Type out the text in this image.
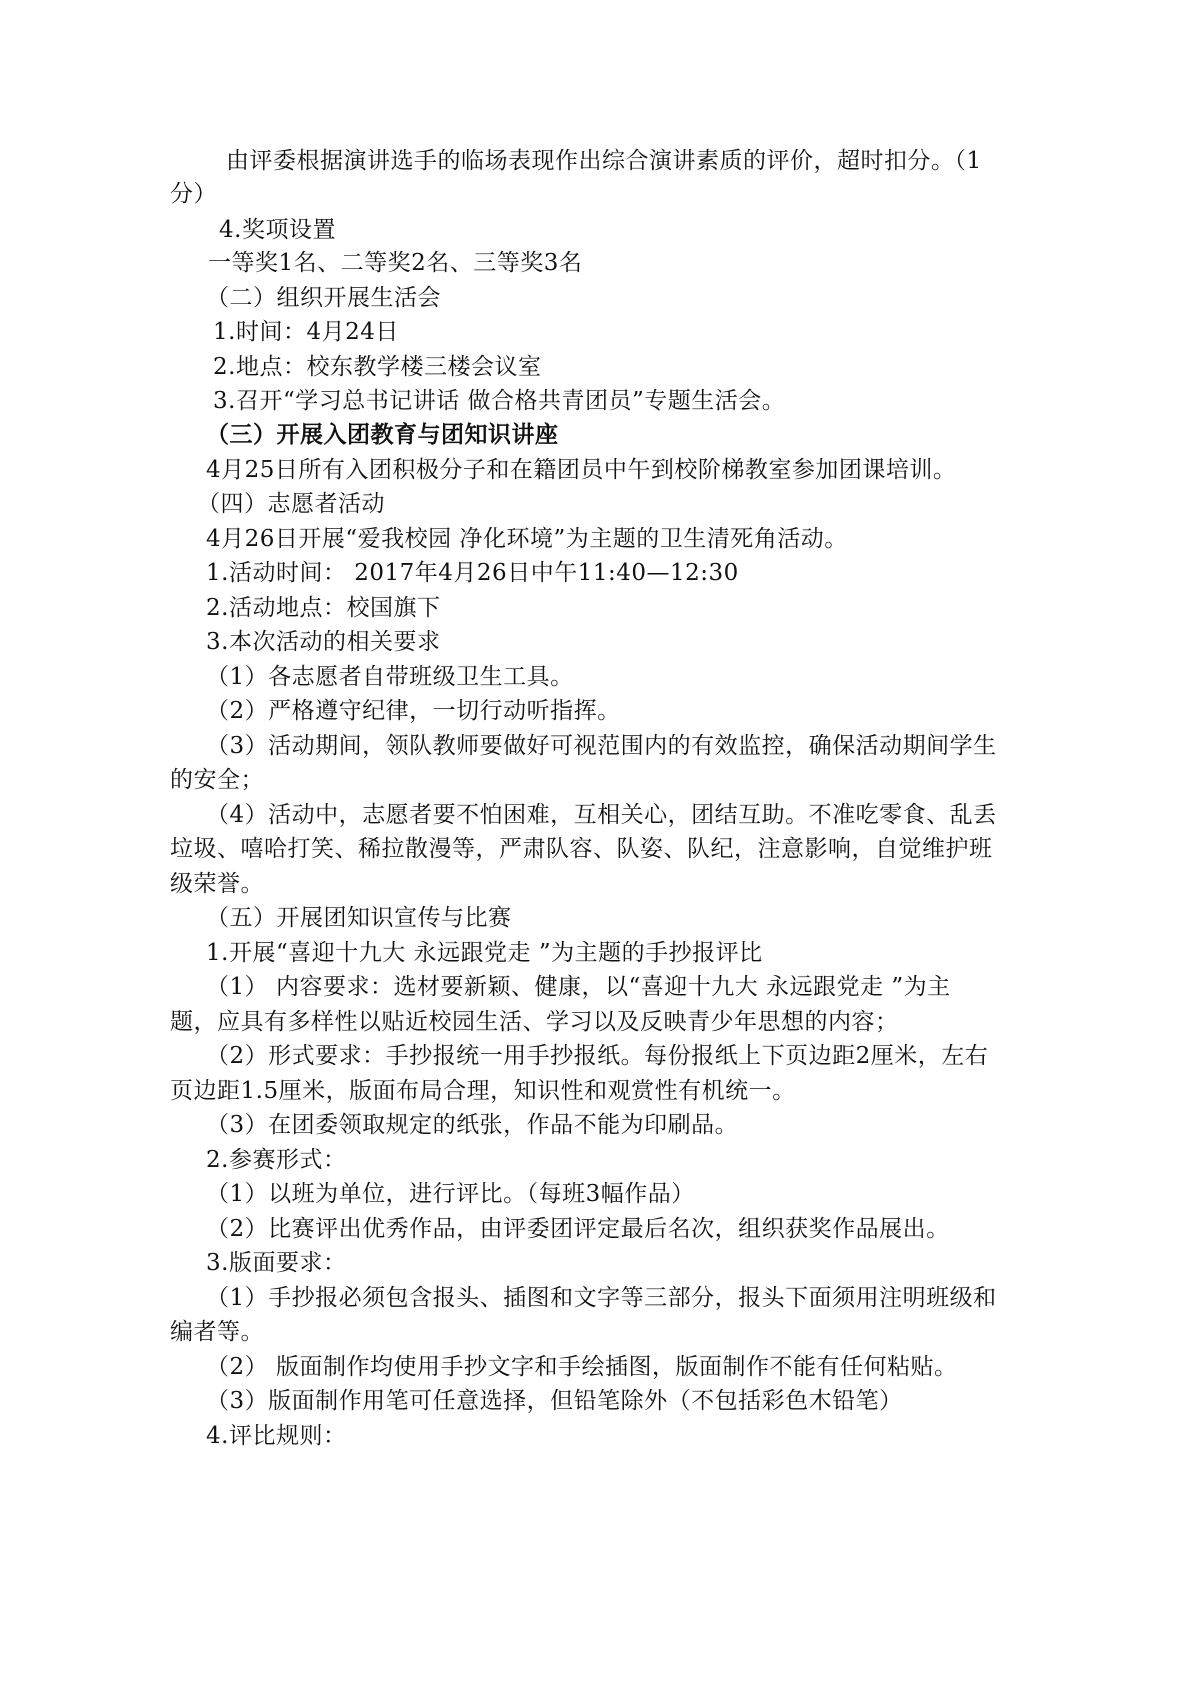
由评委根据演讲选手的临场表现作出综合演讲素质的评价，超时扣分。（1
分）
4.奖项设置
一等奖1名、二等奖2名、三等奖3名
（二）组织开展生活会
1.时间：4月24日
2.地点：校东教学楼三楼会议室
3.召开“学习总书记讲话 做合格共青团员”专题生活会。
（三）开展入团教育与团知识讲座
4月25日所有入团积极分子和在籍团员中午到校阶梯教室参加团课培训。
（四）志愿者活动
4月26日开展“爱我校园 净化环境”为主题的卫生清死角活动。
1.活动时间： 2017年4月26日中午11:40—12:30
2.活动地点：校国旗下
3.本次活动的相关要求
（1）各志愿者自带班级卫生工具。
（2）严格遵守纪律，一切行动听指挥。
（3）活动期间，领队教师要做好可视范围内的有效监控，确保活动期间学生
的安全；
（4）活动中，志愿者要不怕困难，互相关心，团结互助。不准吃零食、乱丢
垃圾、嘻哈打笑、稀拉散漫等，严肃队容、队姿、队纪，注意影响，自觉维护班
级荣誉。
（五）开展团知识宣传与比赛
1.开展“喜迎十九大 永远跟党走 ”为主题的手抄报评比
（1） 内容要求：选材要新颖、健康，以“喜迎十九大 永远跟党走 ”为主
题，应具有多样性以贴近校园生活、学习以及反映青少年思想的内容；
（2）形式要求：手抄报统一用手抄报纸。每份报纸上下页边距2厘米，左右
页边距1.5厘米，版面布局合理，知识性和观赏性有机统一。
（3）在团委领取规定的纸张，作品不能为印刷品。
2.参赛形式：
（1）以班为单位，进行评比。（每班3幅作品）
（2）比赛评出优秀作品，由评委团评定最后名次，组织获奖作品展出。
3.版面要求：
（1）手抄报必须包含报头、插图和文字等三部分，报头下面须用注明班级和
编者等。
（2） 版面制作均使用手抄文字和手绘插图，版面制作不能有任何粘贴。
（3）版面制作用笔可任意选择，但铅笔除外（不包括彩色木铅笔）
4.评比规则：
